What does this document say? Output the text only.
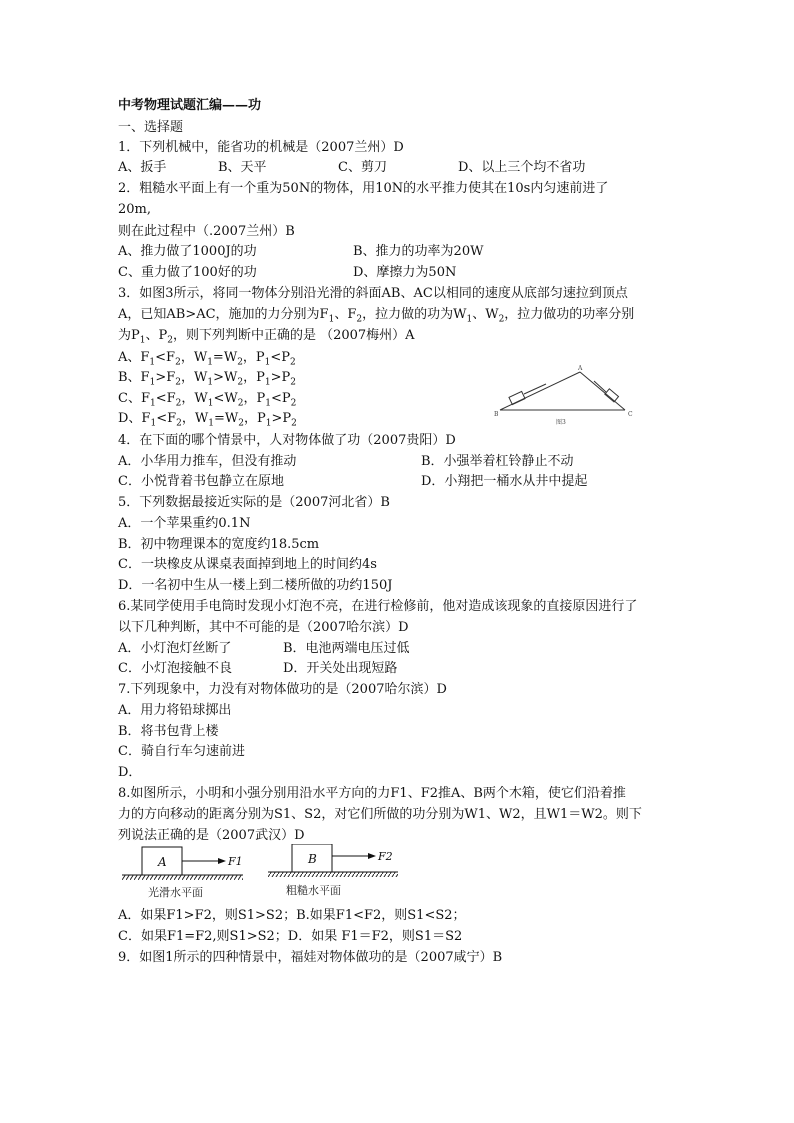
中考物理试题汇编——功
一、选择题
1．下列机械中，能省功的机械是（2007兰州）D
A、扳手	B、天平	C、剪刀	D、以上三个均不省功
2．粗糙水平面上有一个重为50N的物体，用10N的水平推力使其在10s内匀速前进了
20m,
则在此过程中（.2007兰州）B
A、推力做了1000J的功	B、推力的功率为20W
C、重力做了100好的功	D、摩擦力为50N
3．如图3所示，将同一物体分别沿光滑的斜面AB、AC以相同的速度从底部匀速拉到顶点
A，已知AB>AC，施加的力分别为$F_1$、$F_2$，拉力做的功为$W_1$、$W_2$，拉力做功的功率分别
为$P_1$、$P_2$，则下列判断中正确的是 （2007梅州）A
A、$F_1<F_2$，$W_1=W_2$，$P_1<P_2$
B、$F_1>F_2$，$W_1>W_2$，$P_1>P_2$
C、$F_1<F_2$，$W_1<W_2$，$P_1<P_2$
D、$F_1<F_2$，$W_1=W_2$，$P_1>P_2$
B
A
C
图3
4．在下面的哪个情景中，人对物体做了功（2007贵阳）D
A．小华用力推车，但没有推动	B．小强举着杠铃静止不动
C．小悦背着书包静立在原地	D．小翔把一桶水从井中提起
5．下列数据最接近实际的是（2007河北省）B
A．一个苹果重约0.1N
B．初中物理课本的宽度约18.5cm
C．一块橡皮从课桌表面掉到地上的时间约4s
D．一名初中生从一楼上到二楼所做的功约150J
6.某同学使用手电筒时发现小灯泡不亮，在进行检修前，他对造成该现象的直接原因进行了
以下几种判断，其中不可能的是（2007哈尔滨）D
A．小灯泡灯丝断了	B．电池两端电压过低
C．小灯泡接触不良	D．开关处出现短路
7.下列现象中，力没有对物体做功的是（2007哈尔滨）D
A．用力将铅球掷出
B．将书包背上楼
C．骑自行车匀速前进
D．
8.如图所示，小明和小强分别用沿水平方向的力F1、F2推A、B两个木箱，使它们沿着推
力的方向移动的距离分别为S1、S2，对它们所做的功分别为W1、W2，且W1＝W2。则下
列说法正确的是（2007武汉）D
A	F1
光滑水平面
B	F2
粗糙水平面
A．如果F1>F2，则S1>S2；B.如果F1<F2，则S1<S2；
C．如果F1=F2,则S1>S2；D．如果 F1＝F2，则S1＝S2
9．如图1所示的四种情景中，福娃对物体做功的是（2007咸宁）B
